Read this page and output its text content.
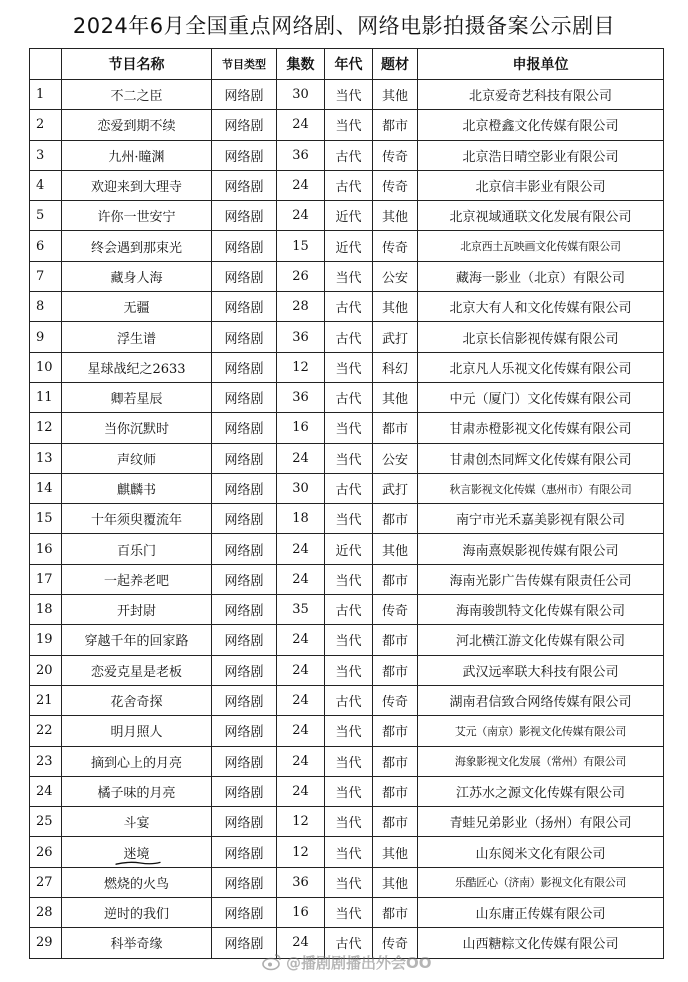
2024年6月全国重点网络剧、网络电影拍摄备案公示剧目
	节目名称	节目类型	集数	年代	题材	申报单位
1	不二之臣	网络剧	30	当代	其他	北京爱奇艺科技有限公司
2	恋爱到期不续	网络剧	24	当代	都市	北京橙鑫文化传媒有限公司
3	九州·瞳渊	网络剧	36	古代	传奇	北京浩日晴空影业有限公司
4	欢迎来到大理寺	网络剧	24	古代	传奇	北京信丰影业有限公司
5	许你一世安宁	网络剧	24	近代	其他	北京视域通联文化发展有限公司
6	终会遇到那束光	网络剧	15	近代	传奇	北京西土瓦映画文化传媒有限公司
7	藏身人海	网络剧	26	当代	公安	藏海一影业（北京）有限公司
8	无疆	网络剧	28	古代	其他	北京大有人和文化传媒有限公司
9	浮生谱	网络剧	36	古代	武打	北京长信影视传媒有限公司
10	星球战纪之2633	网络剧	12	当代	科幻	北京凡人乐视文化传媒有限公司
11	卿若星辰	网络剧	36	古代	其他	中元（厦门）文化传媒有限公司
12	当你沉默时	网络剧	16	当代	都市	甘肃赤橙影视文化传媒有限公司
13	声纹师	网络剧	24	当代	公安	甘肃创杰同辉文化传媒有限公司
14	麒麟书	网络剧	30	古代	武打	秋言影视文化传媒（惠州市）有限公司
15	十年须臾覆流年	网络剧	18	当代	都市	南宁市光禾嘉美影视有限公司
16	百乐门	网络剧	24	近代	其他	海南熹娱影视传媒有限公司
17	一起养老吧	网络剧	24	当代	都市	海南光影广告传媒有限责任公司
18	开封尉	网络剧	35	古代	传奇	海南骏凯特文化传媒有限公司
19	穿越千年的回家路	网络剧	24	当代	都市	河北横江游文化传媒有限公司
20	恋爱克星是老板	网络剧	24	当代	都市	武汉远率联大科技有限公司
21	花舍奇探	网络剧	24	古代	传奇	湖南君信致合网络传媒有限公司
22	明月照人	网络剧	24	当代	都市	艾元（南京）影视文化传媒有限公司
23	摘到心上的月亮	网络剧	24	当代	都市	海象影视文化发展（常州）有限公司
24	橘子味的月亮	网络剧	24	当代	都市	江苏水之源文化传媒有限公司
25	斗宴	网络剧	12	当代	都市	青蛙兄弟影业（扬州）有限公司
26	迷境	网络剧	12	当代	其他	山东阅米文化有限公司
27	燃烧的火鸟	网络剧	36	当代	其他	乐酷匠心（济南）影视文化有限公司
28	逆时的我们	网络剧	16	当代	都市	山东庸正传媒有限公司
29	科举奇缘	网络剧	24	古代	传奇	山西糖粽文化传媒有限公司
@播剧剧播出外会OO
